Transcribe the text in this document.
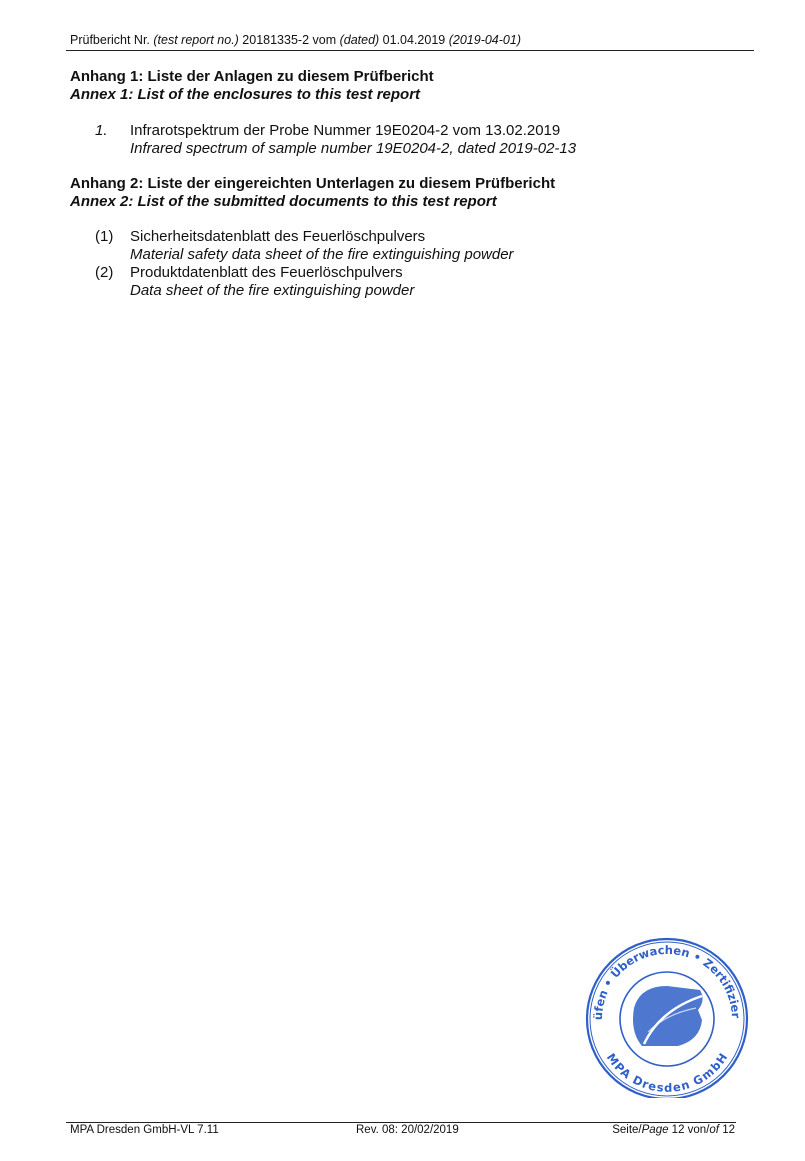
Prüfbericht Nr. (test report no.) 20181335-2 vom (dated) 01.04.2019 (2019-04-01)
Anhang 1: Liste der Anlagen zu diesem Prüfbericht
Annex 1: List of the enclosures to this test report
1. Infrarotspektrum der Probe Nummer 19E0204-2 vom 13.02.2019
Infrared spectrum of sample number 19E0204-2, dated 2019-02-13
Anhang 2: Liste der eingereichten Unterlagen zu diesem Prüfbericht
Annex 2: List of the submitted documents to this test report
(1) Sicherheitsdatenblatt des Feuerlöschpulvers
Material safety data sheet of the fire extinguishing powder
(2) Produktdatenblatt des Feuerlöschpulvers
Data sheet of the fire extinguishing powder
üfen • Überwachen • Zertifizieren
MPA Dresden GmbH
MPA Dresden GmbH-VL 7.11	Rev. 08: 20/02/2019	Seite/Page 12 von/of 12
